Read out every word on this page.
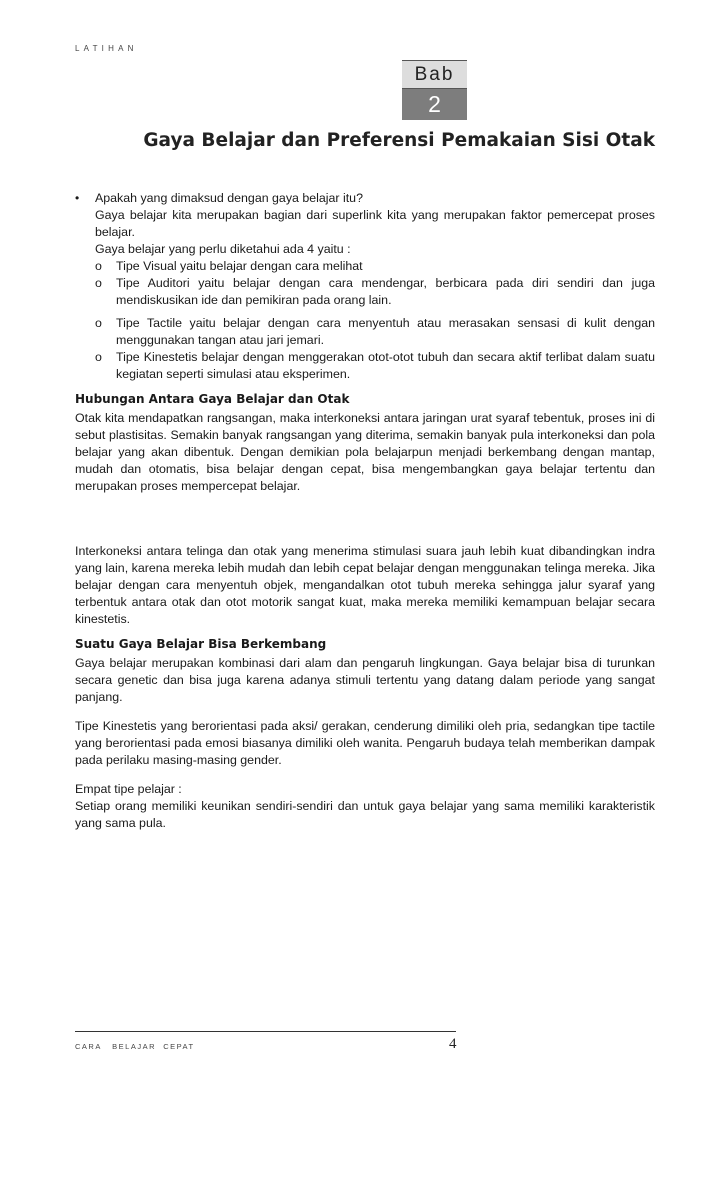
LATIHAN
Bab
2
Gaya Belajar dan Preferensi Pemakaian Sisi Otak
•	Apakah yang dimaksud dengan gaya belajar itu?

Gaya belajar kita merupakan bagian dari superlink kita yang merupakan faktor pemercepat proses belajar.

Gaya belajar yang perlu diketahui ada 4 yaitu :

o	Tipe Visual yaitu belajar dengan cara melihat
o	Tipe Auditori yaitu belajar dengan cara mendengar, berbicara pada diri sendiri dan juga mendiskusikan ide dan pemikiran pada orang lain.
o	Tipe Tactile yaitu belajar dengan cara menyentuh atau merasakan sensasi di kulit dengan menggunakan tangan atau jari jemari.
o	Tipe Kinestetis belajar dengan menggerakan otot-otot tubuh dan secara aktif terlibat dalam suatu kegiatan seperti simulasi atau eksperimen.

Hubungan Antara Gaya Belajar dan Otak

Otak kita mendapatkan rangsangan, maka interkoneksi antara jaringan urat syaraf tebentuk, proses ini di sebut plastisitas. Semakin banyak rangsangan yang diterima, semakin banyak pula interkoneksi dan pola belajar yang akan dibentuk. Dengan demikian pola belajarpun menjadi berkembang dengan mantap, mudah dan otomatis, bisa belajar dengan cepat, bisa mengembangkan gaya belajar tertentu dan merupakan proses mempercepat belajar.

Interkoneksi antara telinga dan otak yang menerima stimulasi suara jauh lebih kuat dibandingkan indra yang lain, karena mereka lebih mudah dan lebih cepat belajar dengan menggunakan telinga mereka. Jika belajar dengan cara menyentuh objek, mengandalkan otot tubuh mereka sehingga jalur syaraf yang terbentuk antara otak dan otot motorik sangat kuat, maka mereka memiliki kemampuan belajar secara kinestetis.

Suatu Gaya Belajar Bisa Berkembang

Gaya belajar merupakan kombinasi dari alam dan pengaruh lingkungan. Gaya belajar bisa di turunkan secara genetic dan bisa juga karena adanya stimuli tertentu yang datang dalam periode yang sangat panjang.

Tipe Kinestetis yang berorientasi pada aksi/ gerakan, cenderung dimiliki oleh pria, sedangkan tipe tactile yang berorientasi pada emosi biasanya dimiliki oleh wanita. Pengaruh budaya telah memberikan dampak pada perilaku masing-masing gender.

Empat tipe pelajar :

Setiap orang memiliki keunikan sendiri-sendiri dan untuk gaya belajar yang sama memiliki karakteristik yang sama pula.

CARA   BELAJAR  CEPAT	4
